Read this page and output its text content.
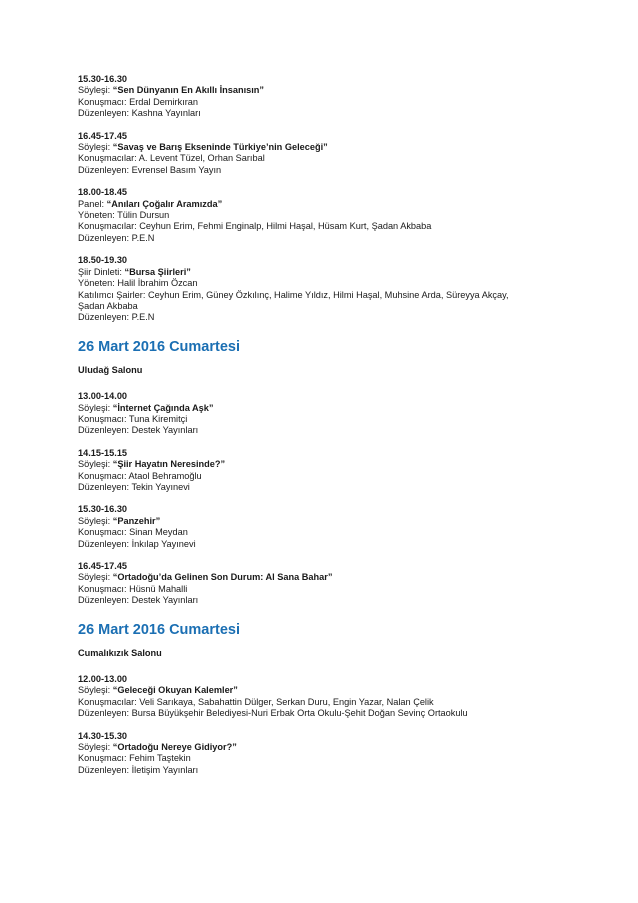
15.30-16.30
Söyleşi: “Sen Dünyanın En Akıllı İnsanısın”
Konuşmacı: Erdal Demirkıran
Düzenleyen: Kashna Yayınları
16.45-17.45
Söyleşi: “Savaş ve Barış Ekseninde Türkiye’nin Geleceği”
Konuşmacılar: A. Levent Tüzel, Orhan Sarıbal
Düzenleyen: Evrensel Basım Yayın
18.00-18.45
Panel: “Anıları Çoğalır Aramızda”
Yöneten: Tülin Dursun
Konuşmacılar: Ceyhun Erim, Fehmi Enginalp, Hilmi Haşal, Hüsam Kurt, Şadan Akbaba
Düzenleyen: P.E.N
18.50-19.30
Şiir Dinleti: “Bursa Şiirleri”
Yöneten: Halil İbrahim Özcan
Katılımcı Şairler: Ceyhun Erim, Güney Özkılınç, Halime Yıldız, Hilmi Haşal, Muhsine Arda, Süreyya Akçay,
Şadan Akbaba
Düzenleyen: P.E.N
26 Mart 2016 Cumartesi
Uludağ Salonu
13.00-14.00
Söyleşi: “İnternet Çağında Aşk”
Konuşmacı: Tuna Kiremitçi
Düzenleyen: Destek Yayınları
14.15-15.15
Söyleşi: “Şiir Hayatın Neresinde?”
Konuşmacı: Ataol Behramoğlu
Düzenleyen: Tekin Yayınevi
15.30-16.30
Söyleşi: “Panzehir”
Konuşmacı: Sinan Meydan
Düzenleyen: İnkılap Yayınevi
16.45-17.45
Söyleşi: “Ortadoğu’da Gelinen Son Durum: Al Sana Bahar”
Konuşmacı: Hüsnü Mahalli
Düzenleyen: Destek Yayınları
26 Mart 2016 Cumartesi
Cumalıkızık Salonu
12.00-13.00
Söyleşi: “Geleceği Okuyan Kalemler”
Konuşmacılar: Veli Sarıkaya, Sabahattin Dülger, Serkan Duru, Engin Yazar, Nalan Çelik
Düzenleyen: Bursa Büyükşehir Belediyesi-Nuri Erbak Orta Okulu-Şehit Doğan Sevinç Ortaokulu
14.30-15.30
Söyleşi: “Ortadoğu Nereye Gidiyor?”
Konuşmacı: Fehim Taştekin
Düzenleyen: İletişim Yayınları
